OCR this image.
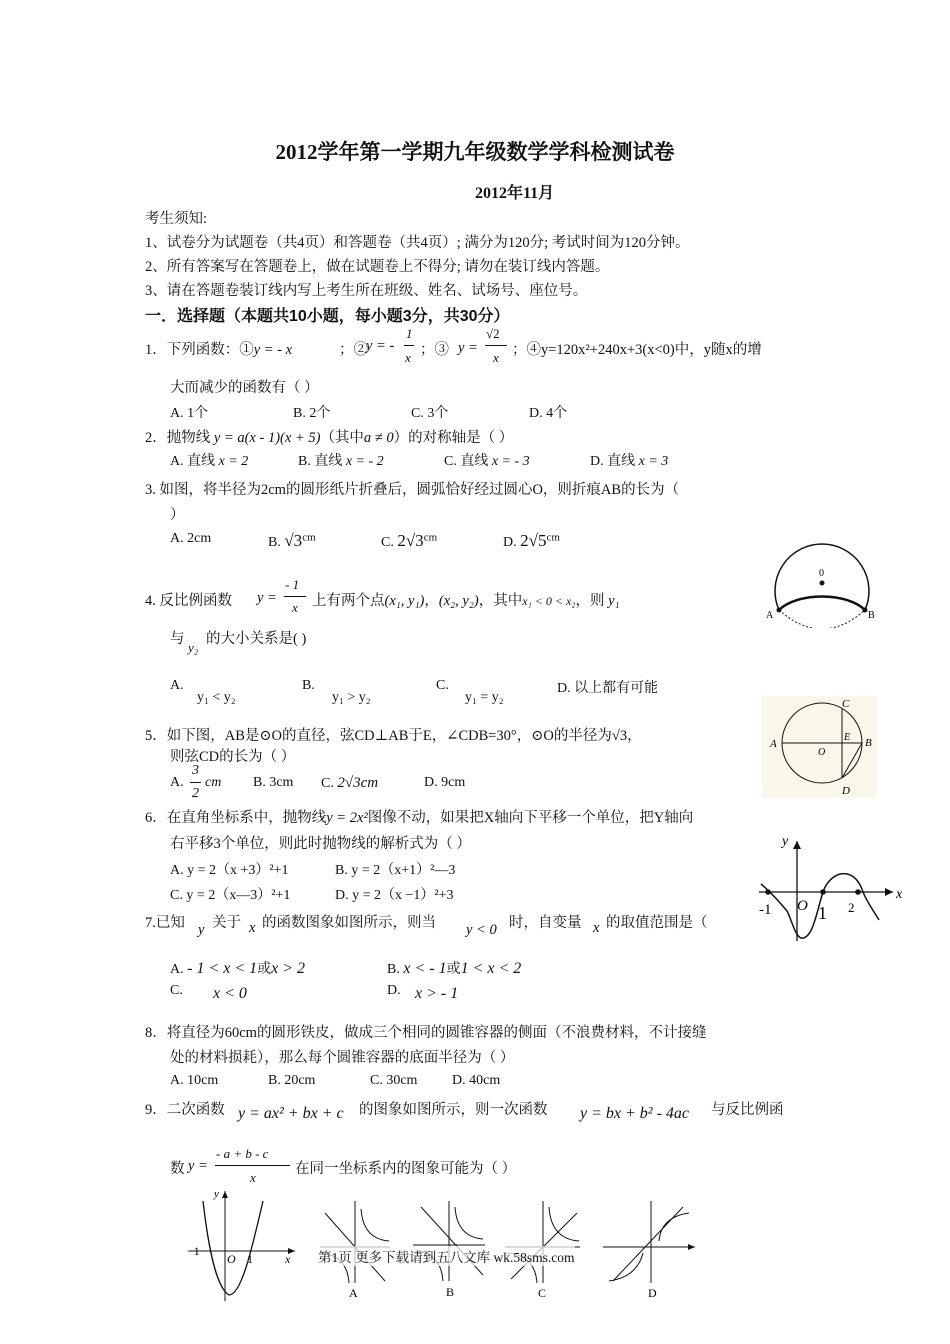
2012学年第一学期九年级数学学科检测试卷
2012年11月
考生须知:
1、试卷分为试题卷（共4页）和答题卷（共4页）; 满分为120分; 考试时间为120分钟。
2、所有答案写在答题卷上，做在试题卷上不得分; 请勿在装订线内答题。
3、请在答题卷装订线内写上考生所在班级、姓名、试场号、座位号。
一．选择题（本题共10小题，每小题3分，共30分）
1．下列函数：①y = - x	；②
y = -
1
x ；③ y =
√2
x ；④y=120x²+240x+3(x<0)中，y随x的增
大而减少的函数有（ ）
A. 1个	B. 2个	C. 3个	D. 4个
2．抛物线 y = a(x - 1)(x + 5)（其中a ≠ 0）的对称轴是（ ）
A. 直线 x = 2	B. 直线 x = - 2	C. 直线 x = - 3	D. 直线 x = 3
3. 如图，将半径为2cm的圆形纸片折叠后，圆弧恰好经过圆心O，则折痕AB的长为（
）
A. 2cm	B. $√3^{cm}$	C. $2√3^{cm}$	D. $2√5^{cm}$
0
A	B
4. 反比例函数 y =
- 1
x 上有两个点(x₁, y₁)，(x₂, y₂)，其中x₁ < 0 < x₂，则 y₁
与
y₂
的大小关系是( )
A.
y₁ < y₂
B.
y₁ > y₂
C.
y₁ = y₂
D. 以上都有可能
A	B
C
D
E
O
5．如下图，AB是⊙O的直径，弦CD⊥AB于E，∠CDB=30°，⊙O的半径为√3，
则弦CD的长为（ ）
A.
3
2
cm B. 3cm C. 2√3cm	D. 9cm
6．在直角坐标系中，抛物线y = 2x²图像不动，如果把X轴向下平移一个单位，把Y轴向
右平移3个单位，则此时抛物线的解析式为（ ）
A. y = 2（x +3）²+1	B. y = 2（x+1）²—3
C. y = 2（x—3）²+1	D. y = 2（x −1）²+3
y
x
O
-1	1 2
7.已知 y 关于 x 的函数图象如图所示，则当 y < 0 时，自变量 x 的取值范围是（
A. - 1 < x < 1或x > 2	B. x < - 1或1 < x < 2
C. x < 0	D. x > - 1
8．将直径为60cm的圆形铁皮，做成三个相同的圆锥容器的侧面（不浪费材料，不计接缝
处的材料损耗），那么每个圆锥容器的底面半径为（ ）
A. 10cm	B. 20cm	C. 30cm D. 40cm
9．二次函数 y = ax² + bx + c 的图象如图所示，则一次函数 y = bx + b² - 4ac 与反比例函
数 y =
- a + b - c
x
在同一坐标系内的图象可能为（ ）
y
x
O
−1
1
A	B	C	D
第1页 更多下载请到五八文库 wk.58sms.com
